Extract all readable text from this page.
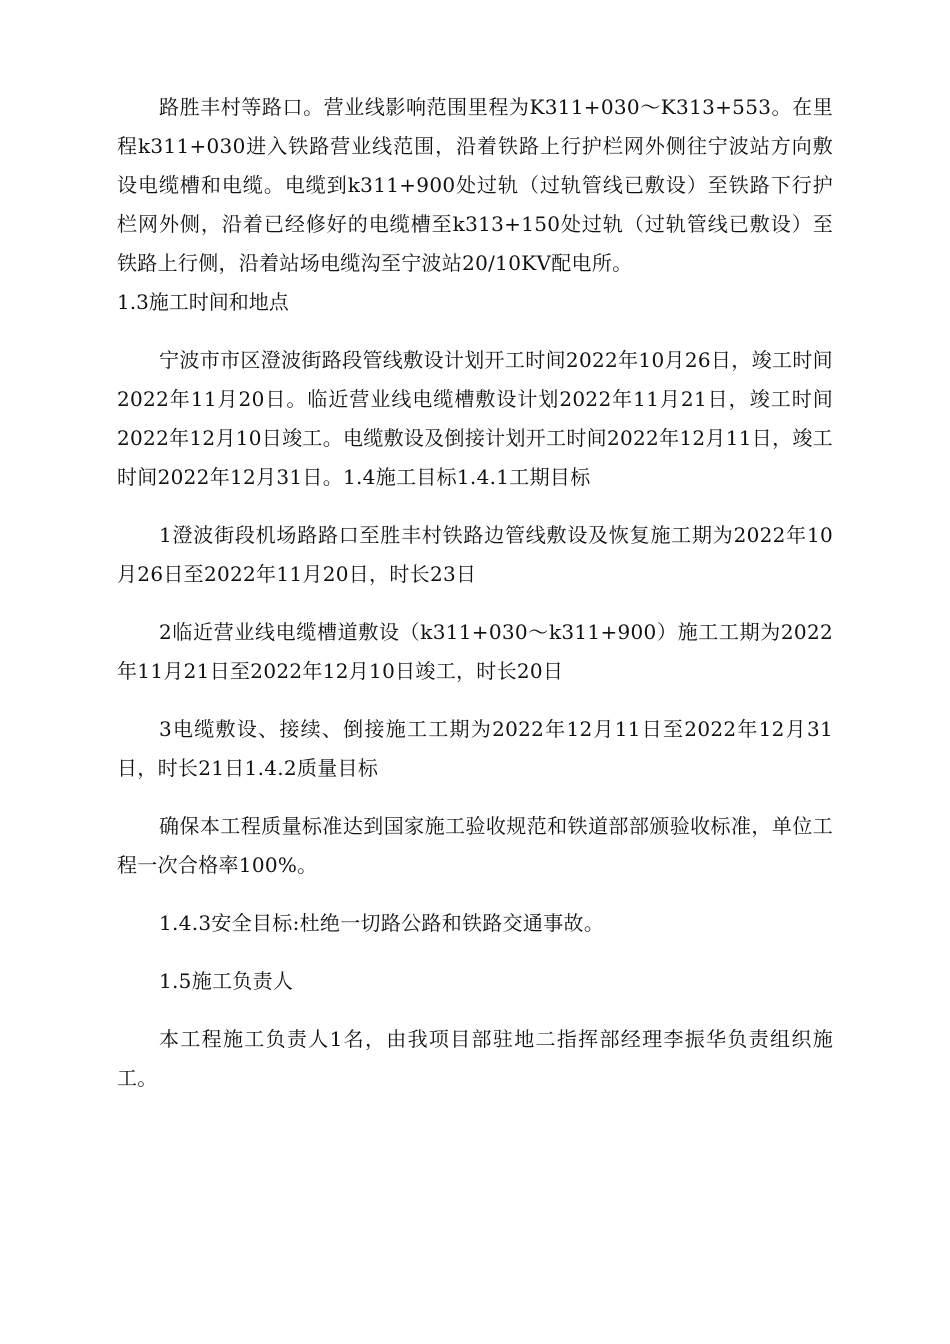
路胜丰村等路口。营业线影响范围里程为K311+030～K313+553。在里程k311+030进入铁路营业线范围，沿着铁路上行护栏网外侧往宁波站方向敷设电缆槽和电缆。电缆到k311+900处过轨（过轨管线已敷设）至铁路下行护栏网外侧，沿着已经修好的电缆槽至k313+150处过轨（过轨管线已敷设）至铁路上行侧，沿着站场电缆沟至宁波站20/10KV配电所。

1.3施工时间和地点

宁波市市区澄波街路段管线敷设计划开工时间2022年10月26日，竣工时间2022年11月20日。临近营业线电缆槽敷设计划2022年11月21日，竣工时间2022年12月10日竣工。电缆敷设及倒接计划开工时间2022年12月11日，竣工时间2022年12月31日。1.4施工目标1.4.1工期目标

1澄波街段机场路路口至胜丰村铁路边管线敷设及恢复施工期为2022年10月26日至2022年11月20日，时长23日

2临近营业线电缆槽道敷设（k311+030～k311+900）施工工期为2022年11月21日至2022年12月10日竣工，时长20日

3电缆敷设、接续、倒接施工工期为2022年12月11日至2022年12月31日，时长21日1.4.2质量目标

确保本工程质量标准达到国家施工验收规范和铁道部部颁验收标准，单位工程一次合格率100%。

1.4.3安全目标:杜绝一切路公路和铁路交通事故。

1.5施工负责人

本工程施工负责人1名，由我项目部驻地二指挥部经理李振华负责组织施工。
